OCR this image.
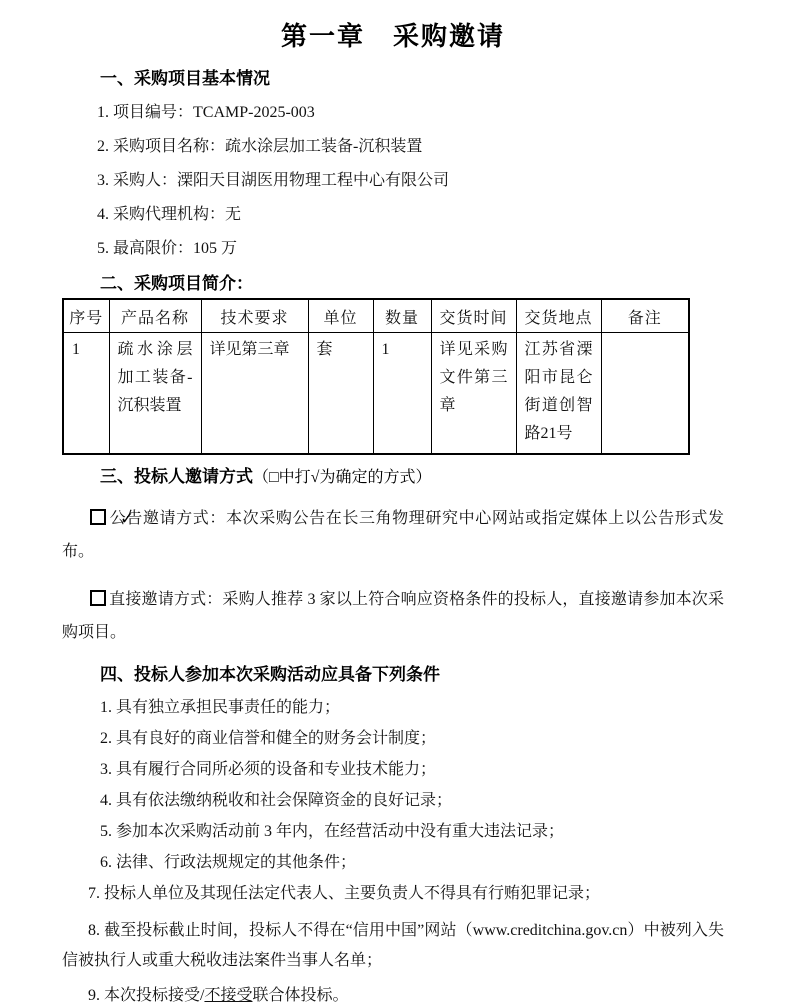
第一章　采购邀请
一、采购项目基本情况

1. 项目编号：TCAMP-2025-003

2. 采购项目名称：疏水涂层加工装备-沉积装置

3. 采购人：溧阳天目湖医用物理工程中心有限公司

4. 采购代理机构：无

5. 最高限价：105 万

二、采购项目简介：
序号	产品名称	技术要求	单位	数量	交货时间	交货地点	备注
1	疏水涂层加工装备-沉积装置	详见第三章	套	1	详见采购文件第三章	江苏省溧阳市昆仑街道创智路21号	
三、投标人邀请方式（□中打√为确定的方式）

✓公告邀请方式：本次采购公告在长三角物理研究中心网站或指定媒体上以公告形式发布。

直接邀请方式：采购人推荐 3 家以上符合响应资格条件的投标人，直接邀请参加本次采购项目。

四、投标人参加本次采购活动应具备下列条件

1. 具有独立承担民事责任的能力；

2. 具有良好的商业信誉和健全的财务会计制度；

3. 具有履行合同所必须的设备和专业技术能力；

4. 具有依法缴纳税收和社会保障资金的良好记录；

5. 参加本次采购活动前 3 年内，在经营活动中没有重大违法记录；

6. 法律、行政法规规定的其他条件；

7. 投标人单位及其现任法定代表人、主要负责人不得具有行贿犯罪记录；

8. 截至投标截止时间，投标人不得在“信用中国”网站（www.creditchina.gov.cn）中被列入失信被执行人或重大税收违法案件当事人名单；

9. 本次投标接受/不接受联合体投标。
